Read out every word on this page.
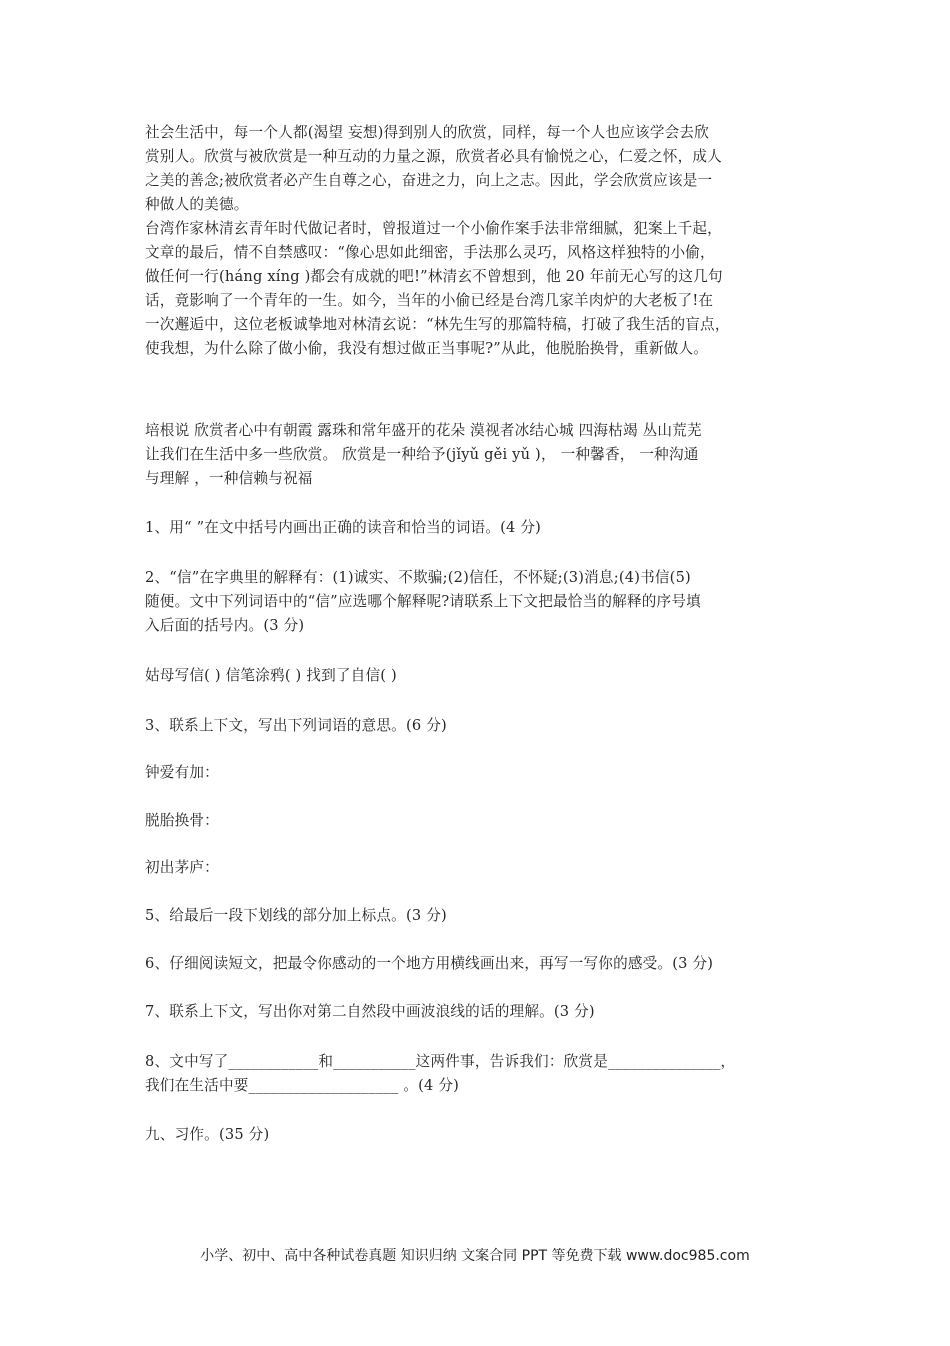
社会生活中，每一个人都(渴望 妄想)得到别人的欣赏，同样，每一个人也应该学会去欣
赏别人。欣赏与被欣赏是一种互动的力量之源，欣赏者必具有愉悦之心，仁爱之怀，成人
之美的善念;被欣赏者必产生自尊之心，奋进之力，向上之志。因此，学会欣赏应该是一
种做人的美德。
台湾作家林清玄青年时代做记者时，曾报道过一个小偷作案手法非常细腻，犯案上千起，
文章的最后，情不自禁感叹：“像心思如此细密，手法那么灵巧，风格这样独特的小偷，
做任何一行(háng xíng )都会有成就的吧!”林清玄不曾想到，他 20 年前无心写的这几句
话，竟影响了一个青年的一生。如今，当年的小偷已经是台湾几家羊肉炉的大老板了!在
一次邂逅中，这位老板诚挚地对林清玄说：“林先生写的那篇特稿，打破了我生活的盲点，
使我想，为什么除了做小偷，我没有想过做正当事呢?”从此，他脱胎换骨，重新做人。
培根说 欣赏者心中有朝霞 露珠和常年盛开的花朵 漠视者冰结心城 四海枯竭 丛山荒芜
让我们在生活中多一些欣赏。 欣赏是一种给予(jǐyǔ gěi yǔ )， 一种馨香， 一种沟通
与理解 ，一种信赖与祝福
1、用“ ”在文中括号内画出正确的读音和恰当的词语。(4 分)
2、“信”在字典里的解释有：(1)诚实、不欺骗;(2)信任，不怀疑;(3)消息;(4)书信(5)
随便。文中下列词语中的“信”应选哪个解释呢?请联系上下文把最恰当的解释的序号填
入后面的括号内。(3 分)
姑母写信( ) 信笔涂鸦( ) 找到了自信( )
3、联系上下文，写出下列词语的意思。(6 分)
钟爱有加：
脱胎换骨：
初出茅庐：
5、给最后一段下划线的部分加上标点。(3 分)
6、仔细阅读短文，把最令你感动的一个地方用横线画出来，再写一写你的感受。(3 分)
7、联系上下文，写出你对第二自然段中画波浪线的话的理解。(3 分)
8、文中写了____________和___________这两件事，告诉我们：欣赏是_______________，
我们在生活中要____________________ 。(4 分)
九、习作。(35 分)
小学、初中、高中各种试卷真题 知识归纳 文案合同 PPT 等免费下载 www.doc985.com
